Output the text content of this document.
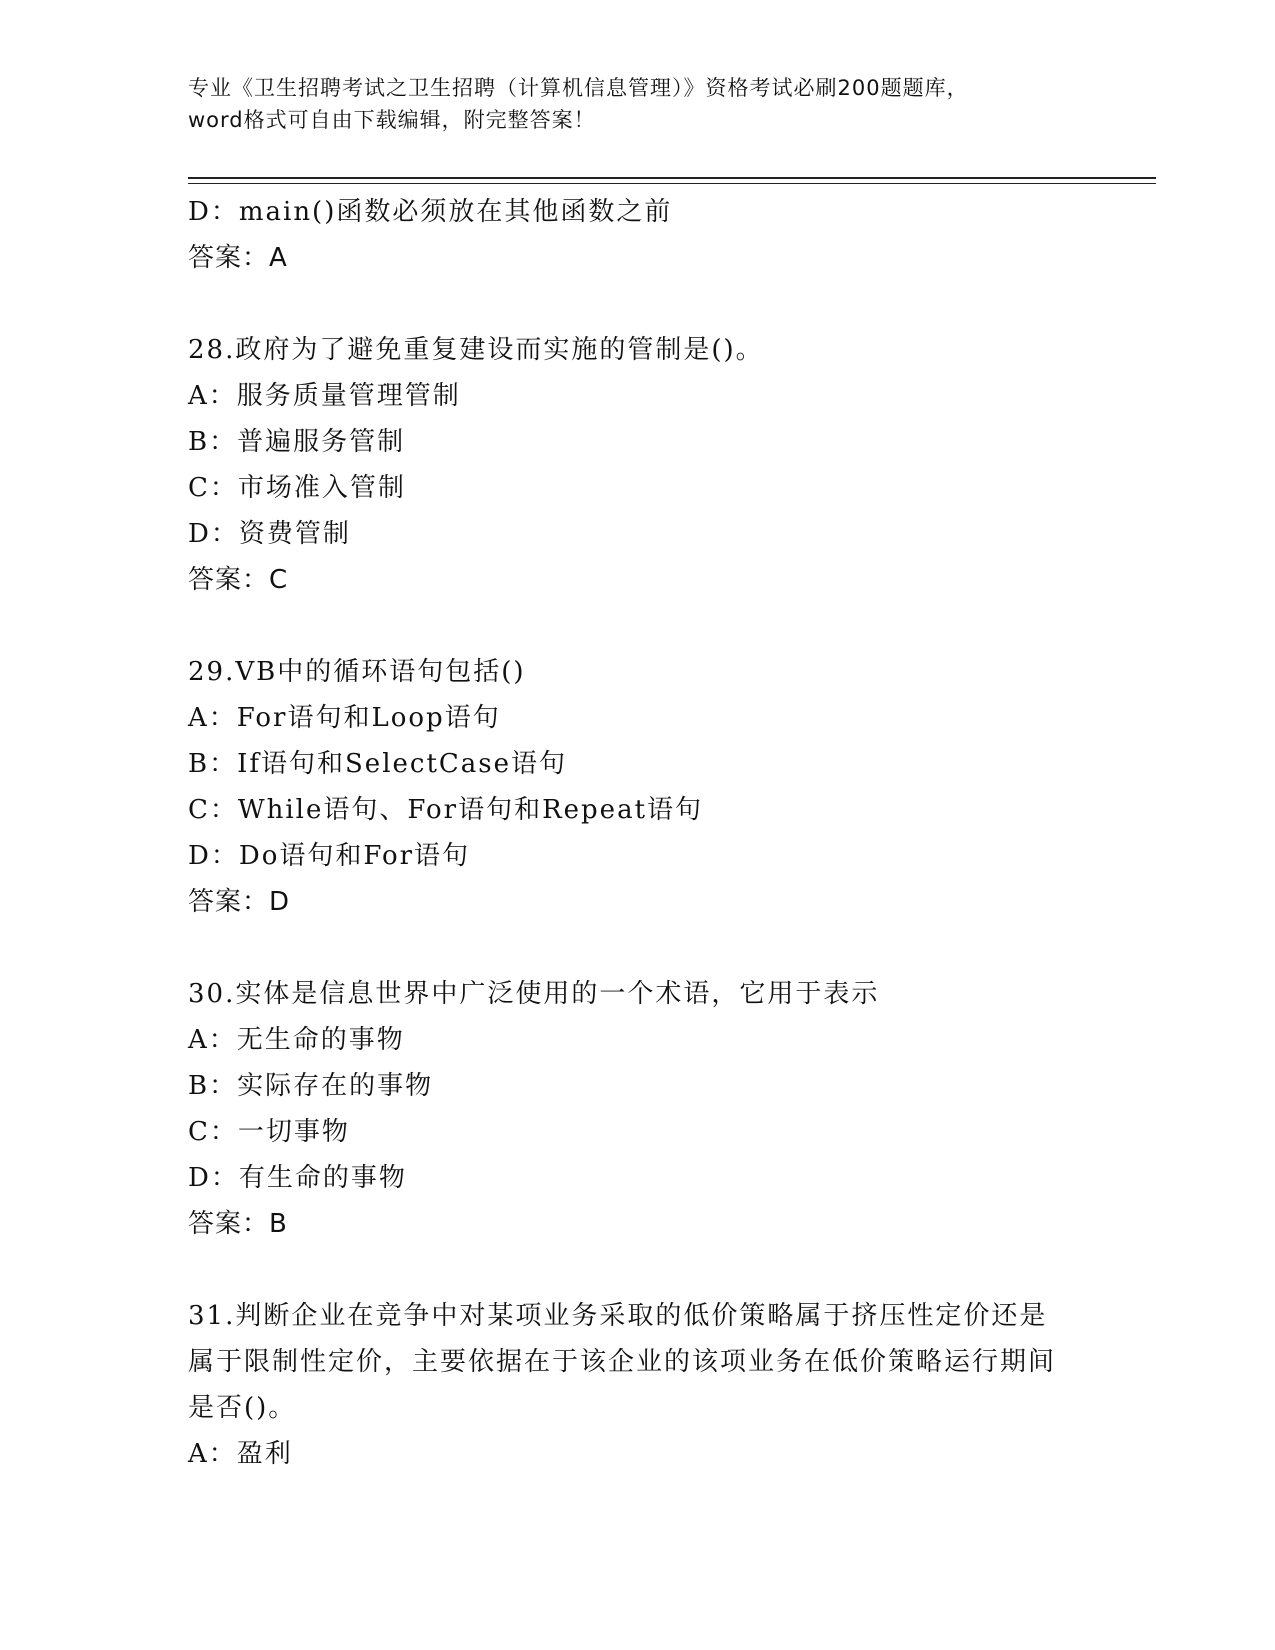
专业《卫生招聘考试之卫生招聘（计算机信息管理）》资格考试必刷200题题库，
word格式可自由下载编辑，附完整答案！
D：main()函数必须放在其他函数之前
答案：A
28.政府为了避免重复建设而实施的管制是()。
A：服务质量管理管制
B：普遍服务管制
C：市场准入管制
D：资费管制
答案：C
29.VB中的循环语句包括()
A：For语句和Loop语句
B：If语句和SelectCase语句
C：While语句、For语句和Repeat语句
D：Do语句和For语句
答案：D
30.实体是信息世界中广泛使用的一个术语，它用于表示
A：无生命的事物
B：实际存在的事物
C：一切事物
D：有生命的事物
答案：B
31.判断企业在竞争中对某项业务采取的低价策略属于挤压性定价还是属于限制性定价，主要依据在于该企业的该项业务在低价策略运行期间是否()。
A：盈利
